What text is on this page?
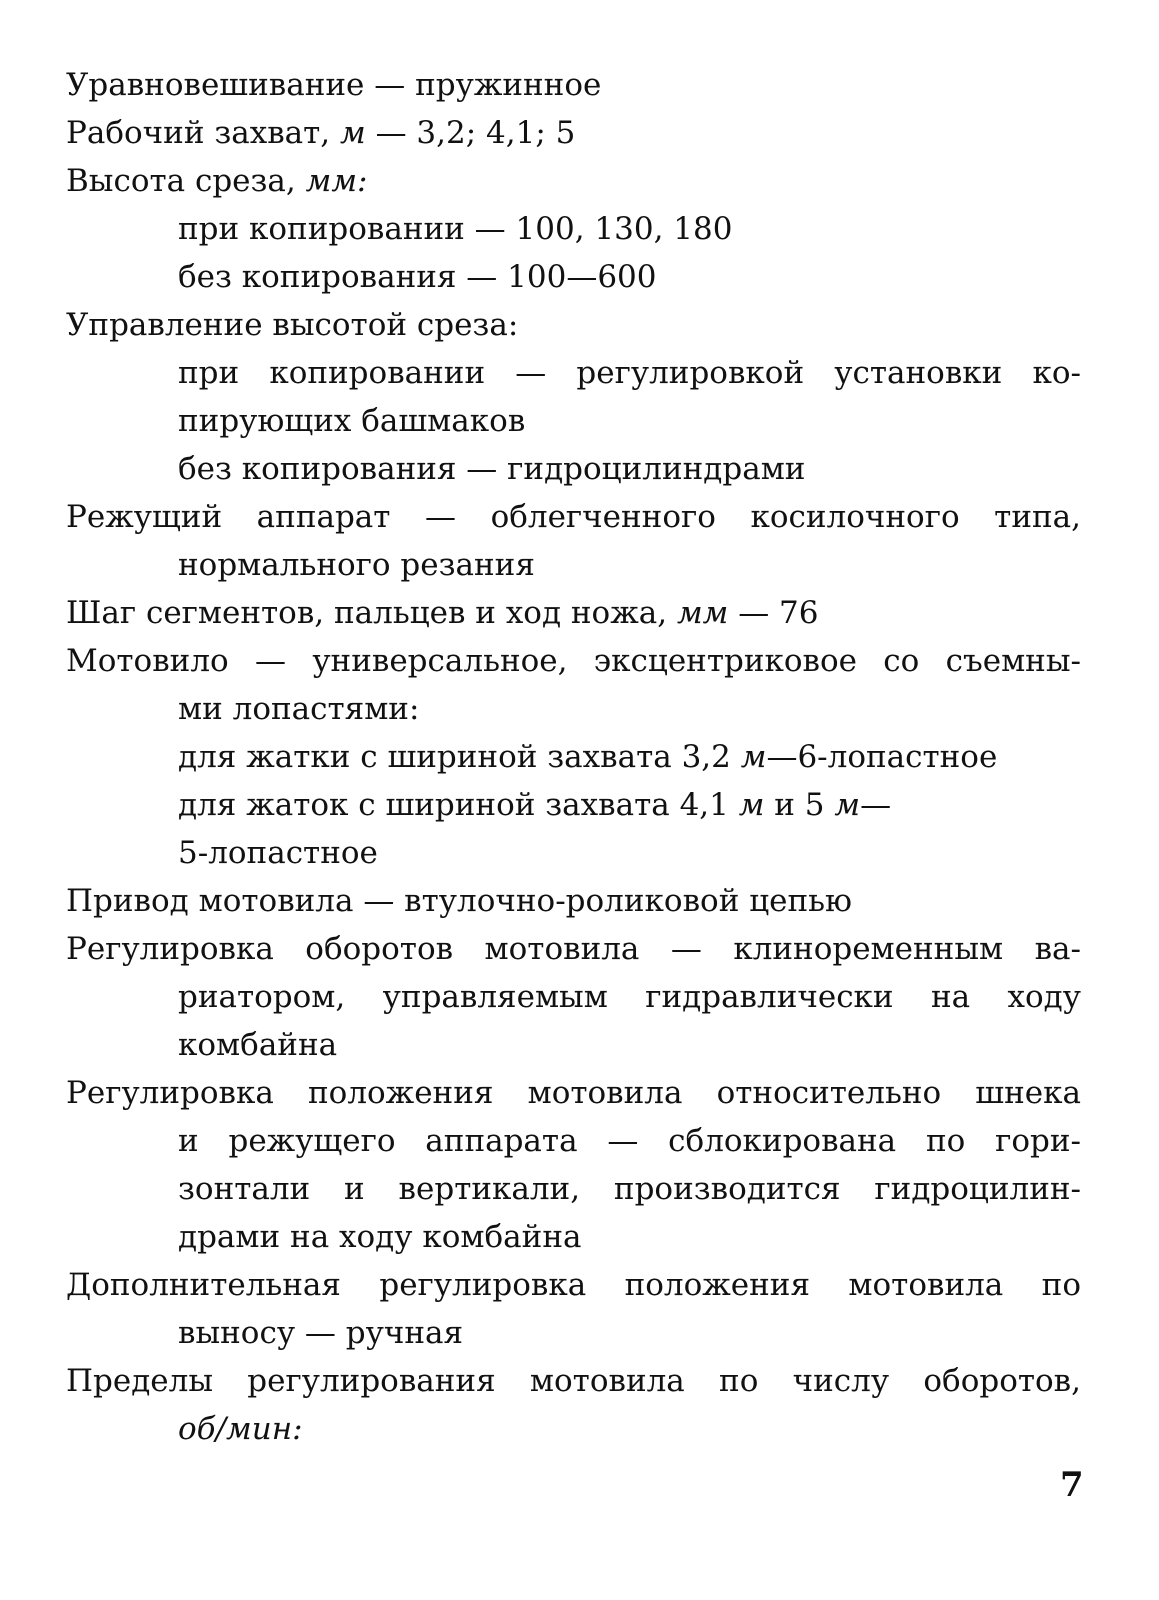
Уравновешивание — пружинное
Рабочий захват, м — 3,2; 4,1; 5
Высота среза, мм:
при копировании — 100, 130, 180
без копирования — 100—600
Управление высотой среза:
при копировании — регулировкой установки ко-
пирующих башмаков
без копирования — гидроцилиндрами
Режущий аппарат — облегченного косилочного типа,
нормального резания
Шаг сегментов, пальцев и ход ножа, мм — 76
Мотовило — универсальное, эксцентриковое со съемны-
ми лопастями:
для жатки с шириной захвата 3,2 м—6-лопастное
для жаток с шириной захвата 4,1 м и 5 м—
5-лопастное
Привод мотовила — втулочно-роликовой цепью
Регулировка оборотов мотовила — клиноременным ва-
риатором, управляемым гидравлически на ходу
комбайна
Регулировка положения мотовила относительно шнека
и режущего аппарата — сблокирована по гори-
зонтали и вертикали, производится гидроцилин-
драми на ходу комбайна
Дополнительная регулировка положения мотовила по
выносу — ручная
Пределы регулирования мотовила по числу оборотов,
об/мин:
7
